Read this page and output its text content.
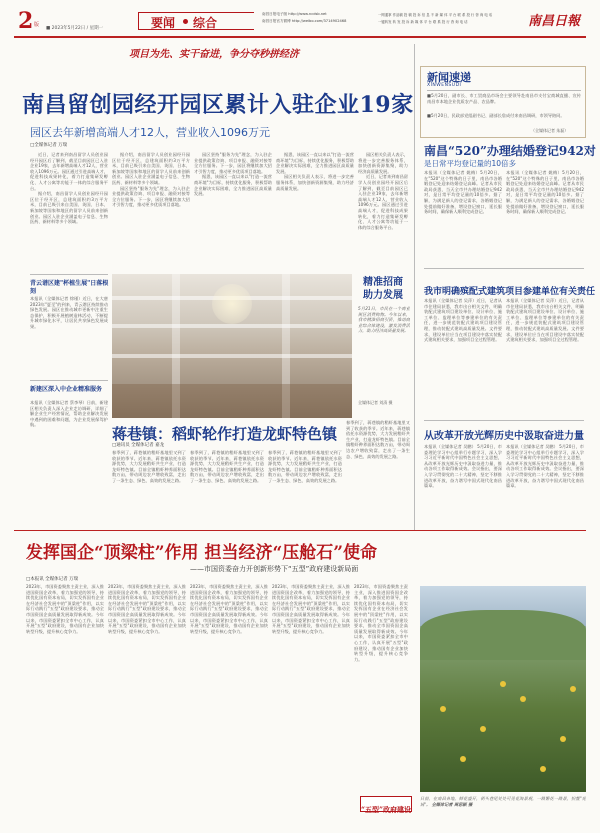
2 版
■ 2023年5月22日 / 星期一	要闻 综合
南昌日报电子版 http://www.ncdsb.net
南昌日报官方微博 http://weibo.com/3714902468
一网通掌 作品稿 投 稿 投 诉 信 息 不 新 媒 体 平 台 联 系 投 行 咨 询 电 话
一键转发 转 发 投 诉 新 媒 体 平 台 联 系 投 行 咨 询 电 话	南昌日報
项目为先、实干奋进，争分夺秒拼经济
南昌留创园经开园区累计入驻企业19家
园区去年新增高端人才12人，营业收入1096万元
□全媒体记者 万瑞

近日，记者来到南昌留学人员创业园经开园区后了解到，截至目前园区已入驻企业19家，去年新增高端人才12人，营业收入1096万元。园区通过引进高端人才，促进科技成果转化，着力打造集研发孵化、人才公寓等功能于一体的综合服务平台。

据介绍，南昌留学人员创业园经开园区位于经开区，总建筑面积约3万平方米，目前已吸引来自美国、英国、日本、新加坡等国家和地区的留学人员前来创新创业。园区入驻企业涵盖电子信息、生物医药、新材料等多个领域。

据介绍，南昌留学人员创业园经开园区位于经开区，总建筑面积约3万平方米，目前已吸引来自美国、英国、日本、新加坡等国家和地区的留学人员前来创新创业。园区入驻企业涵盖电子信息、生物医药、新材料等多个领域。

园区坚持"服务为先"理念，为入驻企业提供政策咨询、项目申报、融资对接等全方位服务。下一步，园区将继续加大招才引智力度，推动更多优质项目落地。

园区坚持"服务为先"理念，为入驻企业提供政策咨询、项目申报、融资对接等全方位服务。下一步，园区将继续加大招才引智力度，推动更多优质项目落地。

据悉，该园区一直以来以"打造一流营商环境"为目标，持续优化服务，积极帮助企业解决实际困难，全力推进园区高质量发展。

据悉，该园区一直以来以"打造一流营商环境"为目标，持续优化服务，积极帮助企业解决实际困难，全力推进园区高质量发展。

园区相关负责人表示，将进一步完善服务体系，加快创新资源集聚，助力经济高质量发展。

园区相关负责人表示，将进一步完善服务体系，加快创新资源集聚，助力经济高质量发展。

近日，记者来到南昌留学人员创业园经开园区后了解到，截至目前园区已入驻企业19家，去年新增高端人才12人，营业收入1096万元。园区通过引进高端人才，促进科技成果转化，着力打造集研发孵化、人才公寓等功能于一体的综合服务平台。

青云谱区建"杯植生展"日落根刻
本报讯（全媒体记者 徐瑾）近日，在大唐2023年"夏至"的到来，青云谱区持续推动绿色发展。园区在推动城市更新中注重生态保护，积极开展植树造林活动，不断提升城市绿化水平，让居民共享绿色发展成果。
新建区深入中企业精准服务
本报讯（全媒体记者 蔡李琴）日前，新建区相关负责人深入企业走访调研，详细了解企业生产经营情况，帮助企业解决发展中遇到的困难和问题，为企业发展保驾护航。
精准招商
助力发展
5月21日，市民在一个商业街区消费购物。今年以来，我市精准招商引资，推动商业综合体建设，激发消费活力，助力经济高质量发展。
全媒体记者 刘清 摄
蒋巷镇：稻虾轮作打造龙虾特色镇
□通讯员 全媒体记者 嘉龙
春季到了，蒋巷镇的稻虾基地里又到了收获的季节。近年来，蒋巷镇依托水资源优势，大力发展稻虾共生产业，打造龙虾特色镇。目前全镇稻虾种养面积达数万亩，带动周边农户增收致富，走出了一条生态、绿色、高效的发展之路。
春季到了，蒋巷镇的稻虾基地里又到了收获的季节。近年来，蒋巷镇依托水资源优势，大力发展稻虾共生产业，打造龙虾特色镇。目前全镇稻虾种养面积达数万亩，带动周边农户增收致富，走出了一条生态、绿色、高效的发展之路。
春季到了，蒋巷镇的稻虾基地里又到了收获的季节。近年来，蒋巷镇依托水资源优势，大力发展稻虾共生产业，打造龙虾特色镇。目前全镇稻虾种养面积达数万亩，带动周边农户增收致富，走出了一条生态、绿色、高效的发展之路。
春季到了，蒋巷镇的稻虾基地里又到了收获的季节。近年来，蒋巷镇依托水资源优势，大力发展稻虾共生产业，打造龙虾特色镇。目前全镇稻虾种养面积达数万亩，带动周边农户增收致富，走出了一条生态、绿色、高效的发展之路。
新闻速递
XINWENSUDI
■5月20日，副市长、市工贸商品市场会主要领导赴南昌市支付宝商城直播、宣传南昌市本地企业优质农产品、农品牌。
■5月20日，民政部党组副书记、副部长詹成付来南昌调研，市领导陪同。
（全媒体记者 朱磊）
南昌“520”办理结婚登记942对
是日常平均登记量的10倍多
本报讯（全媒体记者 姚梅）5月20日，在"520"这个特殊的日子里，南昌市各婚姻登记处迎来结婚登记高峰。记者从市民政局获悉，当天全市共办理结婚登记942对，是日常平均登记量的10倍多。据了解，为满足新人的登记需求，各婚姻登记处提前做好准备，增设登记窗口，延长服务时间，确保新人顺利完成登记。
本报讯（全媒体记者 姚梅）5月20日，在"520"这个特殊的日子里，南昌市各婚姻登记处迎来结婚登记高峰。记者从市民政局获悉，当天全市共办理结婚登记942对，是日常平均登记量的10倍多。据了解，为满足新人的登记需求，各婚姻登记处提前做好准备，增设登记窗口，延长服务时间，确保新人顺利完成登记。
我市明确殡配式建筑项目参建单位有关责任
本报讯（全媒体记者 吴萍）近日，记者从市住建局获悉，我市出台相关文件，明确装配式建筑项目建设单位、设计单位、施工单位、监理单位等参建单位的有关责任，进一步规范装配式建筑项目建设管理，推动装配式建筑高质量发展。文件要求，建设单位应当在项目建设中落实装配式建筑相关要求，加强项目全过程管理。
本报讯（全媒体记者 吴萍）近日，记者从市住建局获悉，我市出台相关文件，明确装配式建筑项目建设单位、设计单位、施工单位、监理单位等参建单位的有关责任，进一步规范装配式建筑项目建设管理，推动装配式建筑高质量发展。文件要求，建设单位应当在项目建设中落实装配式建筑相关要求，加强项目全过程管理。
从改革开放光辉历史中汲取奋进力量
本报讯（全媒体记者 吴鹏） 5月20日，市委理论学习中心组举行专题学习，深入学习习近平新时代中国特色社会主义思想，从改革开放光辉历史中汲取奋进力量，推动各项工作取得新成效。会议指出，要深入学习贯彻党的二十大精神，坚定不移推进改革开放，奋力谱写中国式现代化南昌篇章。
本报讯（全媒体记者 吴鹏） 5月20日，市委理论学习中心组举行专题学习，深入学习习近平新时代中国特色社会主义思想，从改革开放光辉历史中汲取奋进力量，推动各项工作取得新成效。会议指出，要深入学习贯彻党的二十大精神，坚定不移推进改革开放，奋力谱写中国式现代化南昌篇章。
发挥国企“顶梁柱”作用 担当经济“压舱石”使命
——市国资委奋力开创新形势下“五型”政府建设新局面
□本报讯 全媒体记者 万瑞
2023年，市国资委聚焦主责主业，深入推进国资国企改革，着力加强党的领导，持续优化国有资本布局，切实发挥国有企业在经济社会发展中的"顶梁柱"作用，以实际行动践行"五型"政府建设要求，推动全市国资国企高质量发展取得新成效。今年以来，市国资委紧扣全市中心工作，认真开展"五型"政府建设，推动国有企业加快转型升级，提升核心竞争力。
2023年，市国资委聚焦主责主业，深入推进国资国企改革，着力加强党的领导，持续优化国有资本布局，切实发挥国有企业在经济社会发展中的"顶梁柱"作用，以实际行动践行"五型"政府建设要求，推动全市国资国企高质量发展取得新成效。今年以来，市国资委紧扣全市中心工作，认真开展"五型"政府建设，推动国有企业加快转型升级，提升核心竞争力。
2023年，市国资委聚焦主责主业，深入推进国资国企改革，着力加强党的领导，持续优化国有资本布局，切实发挥国有企业在经济社会发展中的"顶梁柱"作用，以实际行动践行"五型"政府建设要求，推动全市国资国企高质量发展取得新成效。今年以来，市国资委紧扣全市中心工作，认真开展"五型"政府建设，推动国有企业加快转型升级，提升核心竞争力。
2023年，市国资委聚焦主责主业，深入推进国资国企改革，着力加强党的领导，持续优化国有资本布局，切实发挥国有企业在经济社会发展中的"顶梁柱"作用，以实际行动践行"五型"政府建设要求，推动全市国资国企高质量发展取得新成效。今年以来，市国资委紧扣全市中心工作，认真开展"五型"政府建设，推动国有企业加快转型升级，提升核心竞争力。
2023年，市国资委聚焦主责主业，深入推进国资国企改革，着力加强党的领导，持续优化国有资本布局，切实发挥国有企业在经济社会发展中的"顶梁柱"作用，以实际行动践行"五型"政府建设要求，推动全市国资国企高质量发展取得新成效。今年以来，市国资委紧扣全市中心工作，认真开展"五型"政府建设，推动国有企业加快转型升级，提升核心竞争力。
“五型”政府建设
日前，在南昌各地，鲜花盛开，街头巷尾处处可见花海景观，一路繁花一路景，扮靓"花城"。 全媒体记者 周思颖 摄
